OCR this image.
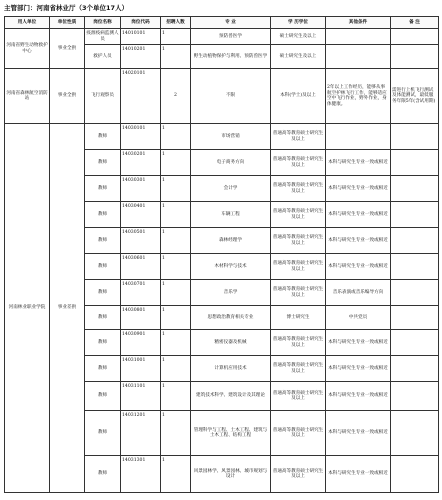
主管部门：河南省林业厅（3个单位17人）
用人单位	单位性质	岗位名称	岗位代码	招聘人数	专 业	学 历学位	其他条件	备 注
河南省野生动物救护中心	事业全供	疫源疫病监测人员	14010101	1	预防兽医学	硕士研究生及以上		
		救护人员	14010201	1	野生动植物保护与利用、预防兽医学	硕士研究生及以上		
河南省森林航空消防站	事业全供	飞行观察员	14020101	2	不限	本科(学士)及以上	2年以上工作经历，能够从事航空护林飞行工作，能够适应空中飞行作业，野外作业，身体健康。	需进行上机飞行测试及体能测试，最低服务年限5年(含试用期)
河南林业职业学院	事业差供	教师	14030101	1	市场营销	普通高等教育硕士研究生及以上		
		教师	14030201	1	电子商务方向	普通高等教育硕士研究生及以上	本科与研究生专业一致或相近	
		教师	14030301	1	会计学	普通高等教育硕士研究生及以上	本科与研究生专业一致或相近	
		教师	14030401	1	车辆工程	普通高等教育硕士研究生及以上	本科与研究生专业一致或相近	
		教师	14030501	1	森林经理学	普通高等教育硕士研究生及以上	本科与研究生专业一致或相近	
		教师	14030601	1	木材科学与技术	普通高等教育硕士研究生及以上	本科与研究生专业一致或相近	
		教师	14030701	1	音乐学	普通高等教育硕士研究生及以上	音乐表演或音乐编导方向	
		教师	14030801	1	思想政治教育相关专业	博士研究生	中共党员	
		教师	14030901	1	精密仪器及机械	普通高等教育硕士研究生及以上	本科与研究生专业一致或相近	
		教师	14031001	1	计算机应用技术	普通高等教育硕士研究生及以上	本科与研究生专业一致或相近	
		教师	14031101	1	建筑技术科学、建筑设计及其理论	普通高等教育硕士研究生及以上	本科与研究生专业一致或相近	
		教师	14031201	1	管理科学与工程、土木工程、建筑与土木工程、结构工程	普通高等教育硕士研究生及以上	本科与研究生专业一致或相近	
		教师	14031301	1	风景园林学、风景园林、城市规划与设计	普通高等教育硕士研究生及以上	本科与研究生专业一致或相近	
